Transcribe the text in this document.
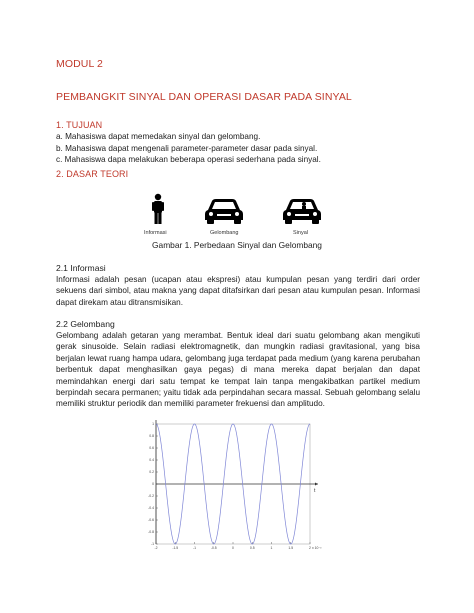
MODUL 2
PEMBANGKIT SINYAL DAN OPERASI DASAR PADA SINYAL
1. TUJUAN
a. Mahasiswa dapat memedakan sinyal dan gelombang.
b. Mahasiswa dapat mengenali parameter-parameter dasar pada sinyal.
c. Mahasiswa dapa melakukan beberapa operasi sederhana pada sinyal.
2. DASAR TEORI
Informasi	Gelombang	Sinyal
Gambar 1. Perbedaan Sinyal dan Gelombang
2.1 Informasi

Informasi adalah pesan (ucapan atau ekspresi) atau kumpulan pesan yang terdiri dari order sekuens dari simbol, atau makna yang dapat ditafsirkan dari pesan atau kumpulan pesan. Informasi dapat direkam atau ditransmisikan.

2.2 Gelombang

Gelombang adalah getaran yang merambat. Bentuk ideal dari suatu gelombang akan mengikuti gerak sinusoide. Selain radiasi elektromagnetik, dan mungkin radiasi gravitasional, yang bisa berjalan lewat ruang hampa udara, gelombang juga terdapat pada medium (yang karena perubahan berbentuk dapat menghasilkan gaya pegas) di mana mereka dapat berjalan dan dapat memindahkan energi dari satu tempat ke tempat lain tanpa mengakibatkan partikel medium berpindah secara permanen; yaitu tidak ada perpindahan secara massal. Sebuah gelombang selalu memiliki struktur periodik dan memiliki parameter frekuensi dan amplitudo.

1
0.8
0.6
0.4
0.2
0
-0.2
-0.4
-0.6
-0.8
-1
-2	-1.5	-1	-0.5	0	0.5	1	1.5	2 x 10⁻³
t
